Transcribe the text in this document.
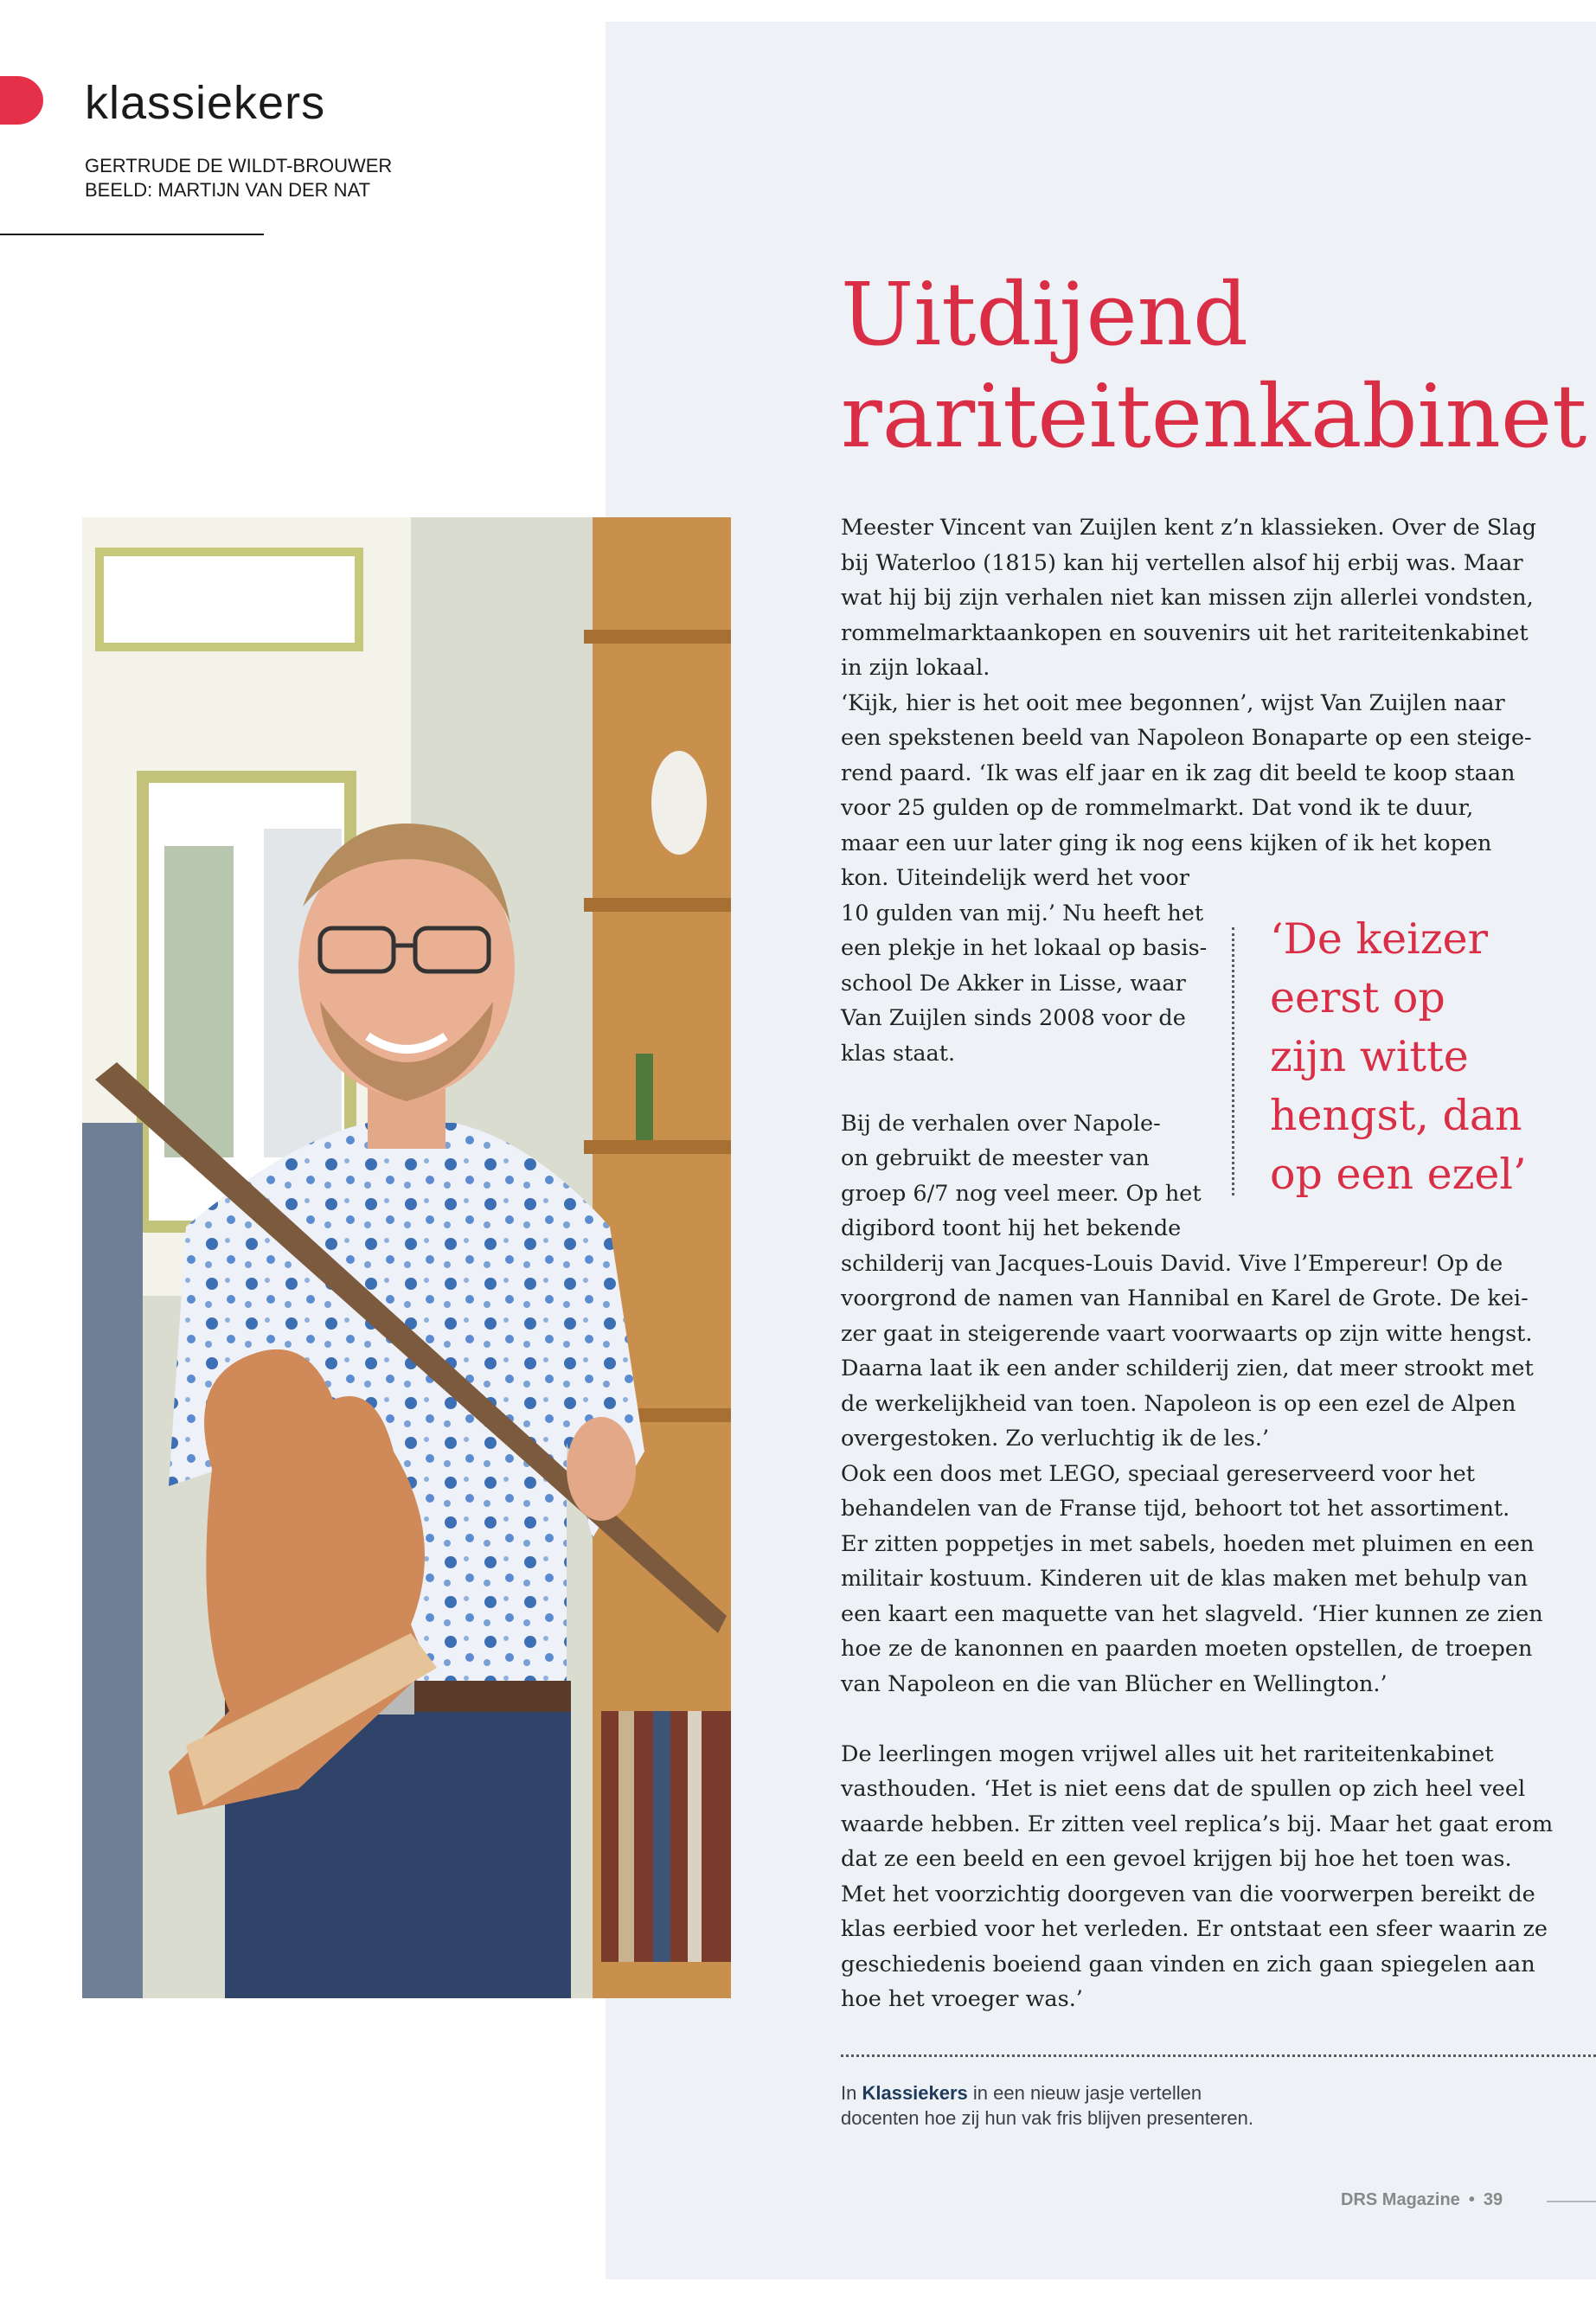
klassiekers
GERTRUDE DE WILDT-BROUWER
BEELD: MARTIJN VAN DER NAT
Uitdijend
rariteitenkabinet
Meester Vincent van Zuijlen kent z’n klassieken. Over de Slag
bij Waterloo (1815) kan hij vertellen alsof hij erbij was. Maar
wat hij bij zijn verhalen niet kan missen zijn allerlei vondsten,
rommelmarktaankopen en souvenirs uit het rariteitenkabinet
in zijn lokaal.
‘Kijk, hier is het ooit mee begonnen’, wijst Van Zuijlen naar
een spekstenen beeld van Napoleon Bonaparte op een steige-
rend paard. ‘Ik was elf jaar en ik zag dit beeld te koop staan
voor 25 gulden op de rommelmarkt. Dat vond ik te duur,
maar een uur later ging ik nog eens kijken of ik het kopen
kon. Uiteindelijk werd het voor
10 gulden van mij.’ Nu heeft het
een plekje in het lokaal op basis-
school De Akker in Lisse, waar
Van Zuijlen sinds 2008 voor de
klas staat.
Bij de verhalen over Napole-
on gebruikt de meester van
groep 6/7 nog veel meer. Op het
digibord toont hij het bekende
schilderij van Jacques-Louis David. Vive l’Empereur! Op de
voorgrond de namen van Hannibal en Karel de Grote. De kei-
zer gaat in steigerende vaart voorwaarts op zijn witte hengst.
Daarna laat ik een ander schilderij zien, dat meer strookt met
de werkelijkheid van toen. Napoleon is op een ezel de Alpen
overgestoken. Zo verluchtig ik de les.’
Ook een doos met LEGO, speciaal gereserveerd voor het
behandelen van de Franse tijd, behoort tot het assortiment.
Er zitten poppetjes in met sabels, hoeden met pluimen en een
militair kostuum. Kinderen uit de klas maken met behulp van
een kaart een maquette van het slagveld. ‘Hier kunnen ze zien
hoe ze de kanonnen en paarden moeten opstellen, de troepen
van Napoleon en die van Blücher en Wellington.’
De leerlingen mogen vrijwel alles uit het rariteitenkabinet
vasthouden. ‘Het is niet eens dat de spullen op zich heel veel
waarde hebben. Er zitten veel replica’s bij. Maar het gaat erom
dat ze een beeld en een gevoel krijgen bij hoe het toen was.
Met het voorzichtig doorgeven van die voorwerpen bereikt de
klas eerbied voor het verleden. Er ontstaat een sfeer waarin ze
geschiedenis boeiend gaan vinden en zich gaan spiegelen aan
hoe het vroeger was.’
‘De keizer
eerst op
zijn witte
hengst, dan
op een ezel’
In Klassiekers in een nieuw jasje vertellen
docenten hoe zij hun vak fris blijven presenteren.
DRS Magazine • 39
